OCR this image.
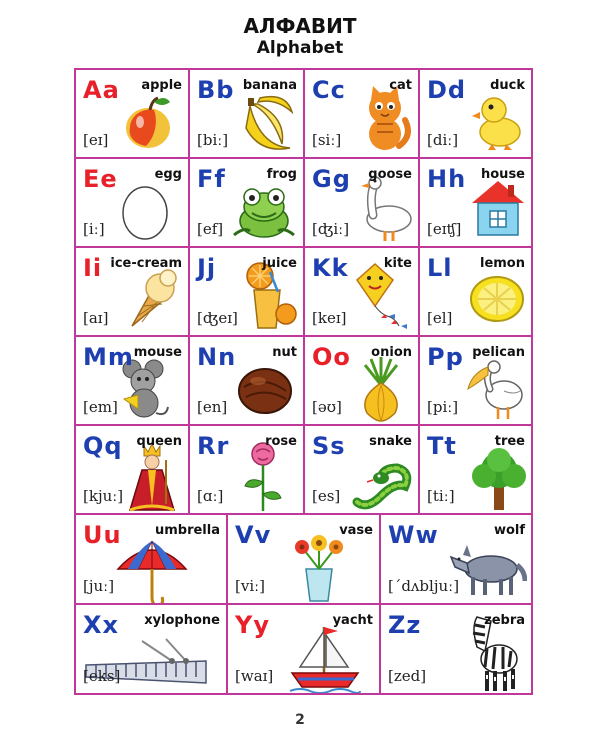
АЛФАВИТ
Alphabet
Aa apple
[eɪ]
Bb banana
[biː]
Cc	cat
[siː]
Dd duck
[diː]
Ee	egg
[iː]
Ff	frog
[ef]
Gg goose
[ʤiː]
Hh house
[eɪʧ]
Ii ice-cream
[aɪ]
Jj	juice
[ʤeɪ]
Kk	kite
[keɪ]
Ll lemon
[el]
Mm mouse
[em]
Nn	nut
[en]
Oo onion
[əʊ]
Pp pelican
[piː]
Qq queen
[kjuː]
Rr	rose
[ɑː]
Ss snake
[es]
Tt	tree
[tiː]
Uu	umbrella
[juː]
Vv	vase
[viː]
Ww	wolf
[ˊdʌbljuː]
Xx xylophone
[eks]
Yy	yacht
[waɪ]
Zz	zebra
[zed]
2
